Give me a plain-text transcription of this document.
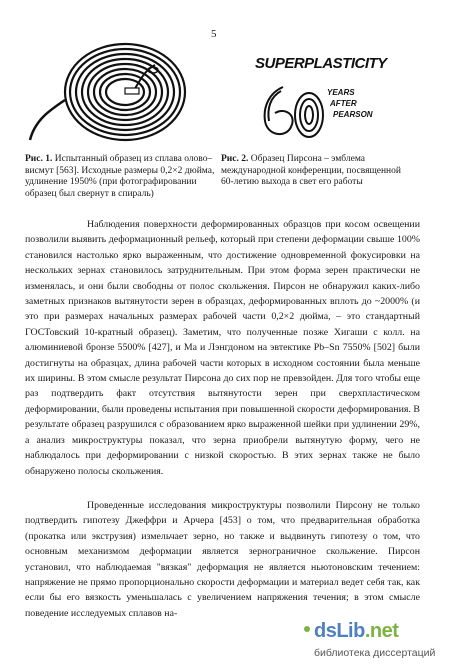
5
SUPERPLASTICITY
YEARS
AFTER
PEARSON
Рис. 1. Испытанный образец из сплава олово–висмут [563]. Исходные размеры 0,2×2 дюйма, удлинение 1950% (при фотографировании образец был свернут в спираль)
Рис. 2. Образец Пирсона – эмблема международной конференции, посвященной 60-летию выхода в свет его работы
Наблюдения поверхности деформированных образцов при косом освещении позволили выявить деформационный рельеф, который при степени деформации свыше 100% становился настолько ярко выраженным, что достижение одновременной фокусировки на нескольких зернах становилось затруднительным. При этом форма зерен практически не изменялась, и они были свободны от полос скольжения. Пирсон не обнаружил каких-либо заметных признаков вытянутости зерен в образцах, деформированных вплоть до ~2000% (и это при размерах начальных размерах рабочей части 0,2×2 дюйма, – это стандартный ГОСТовский 10-кратный образец). Заметим, что полученные позже Хигаши с колл. на алюминиевой бронзе 5500% [427], и Ма и Лэнгдоном на эвтектике Pb–Sn 7550% [502] были достигнуты на образцах, длина рабочей части которых в исходном состоянии была меньше их ширины. В этом смысле результат Пирсона до сих пор не превзойден. Для того чтобы еще раз подтвердить факт отсутствия вытянутости зерен при сверхпластическом деформировании, были проведены испытания при повышенной скорости деформирования. В результате образец разрушился с образованием ярко выраженной шейки при удлинении 29%, а анализ микроструктуры показал, что зерна приобрели вытянутую форму, чего не наблюдалось при деформировании с низкой скоростью. В этих зернах также не было обнаружено полосы скольжения.
Проведенные исследования микроструктуры позволили Пирсону не только подтвердить гипотезу Джеффри и Арчера [453] о том, что предварительная обработка (прокатка или экструзия) измельчает зерно, но также и выдвинуть гипотезу о том, что основным механизмом деформации является зернограничное скольжение. Пирсон установил, что наблюдаемая "вязкая" деформация не является ньютоновским течением: напряжение не прямо пропорционально скорости деформации и материал ведет себя так, как если бы его вязкость уменьшалась с увеличением напряжения течения; в этом смысле поведение исследуемых сплавов на-
dsLib.net
библиотека диссертаций
